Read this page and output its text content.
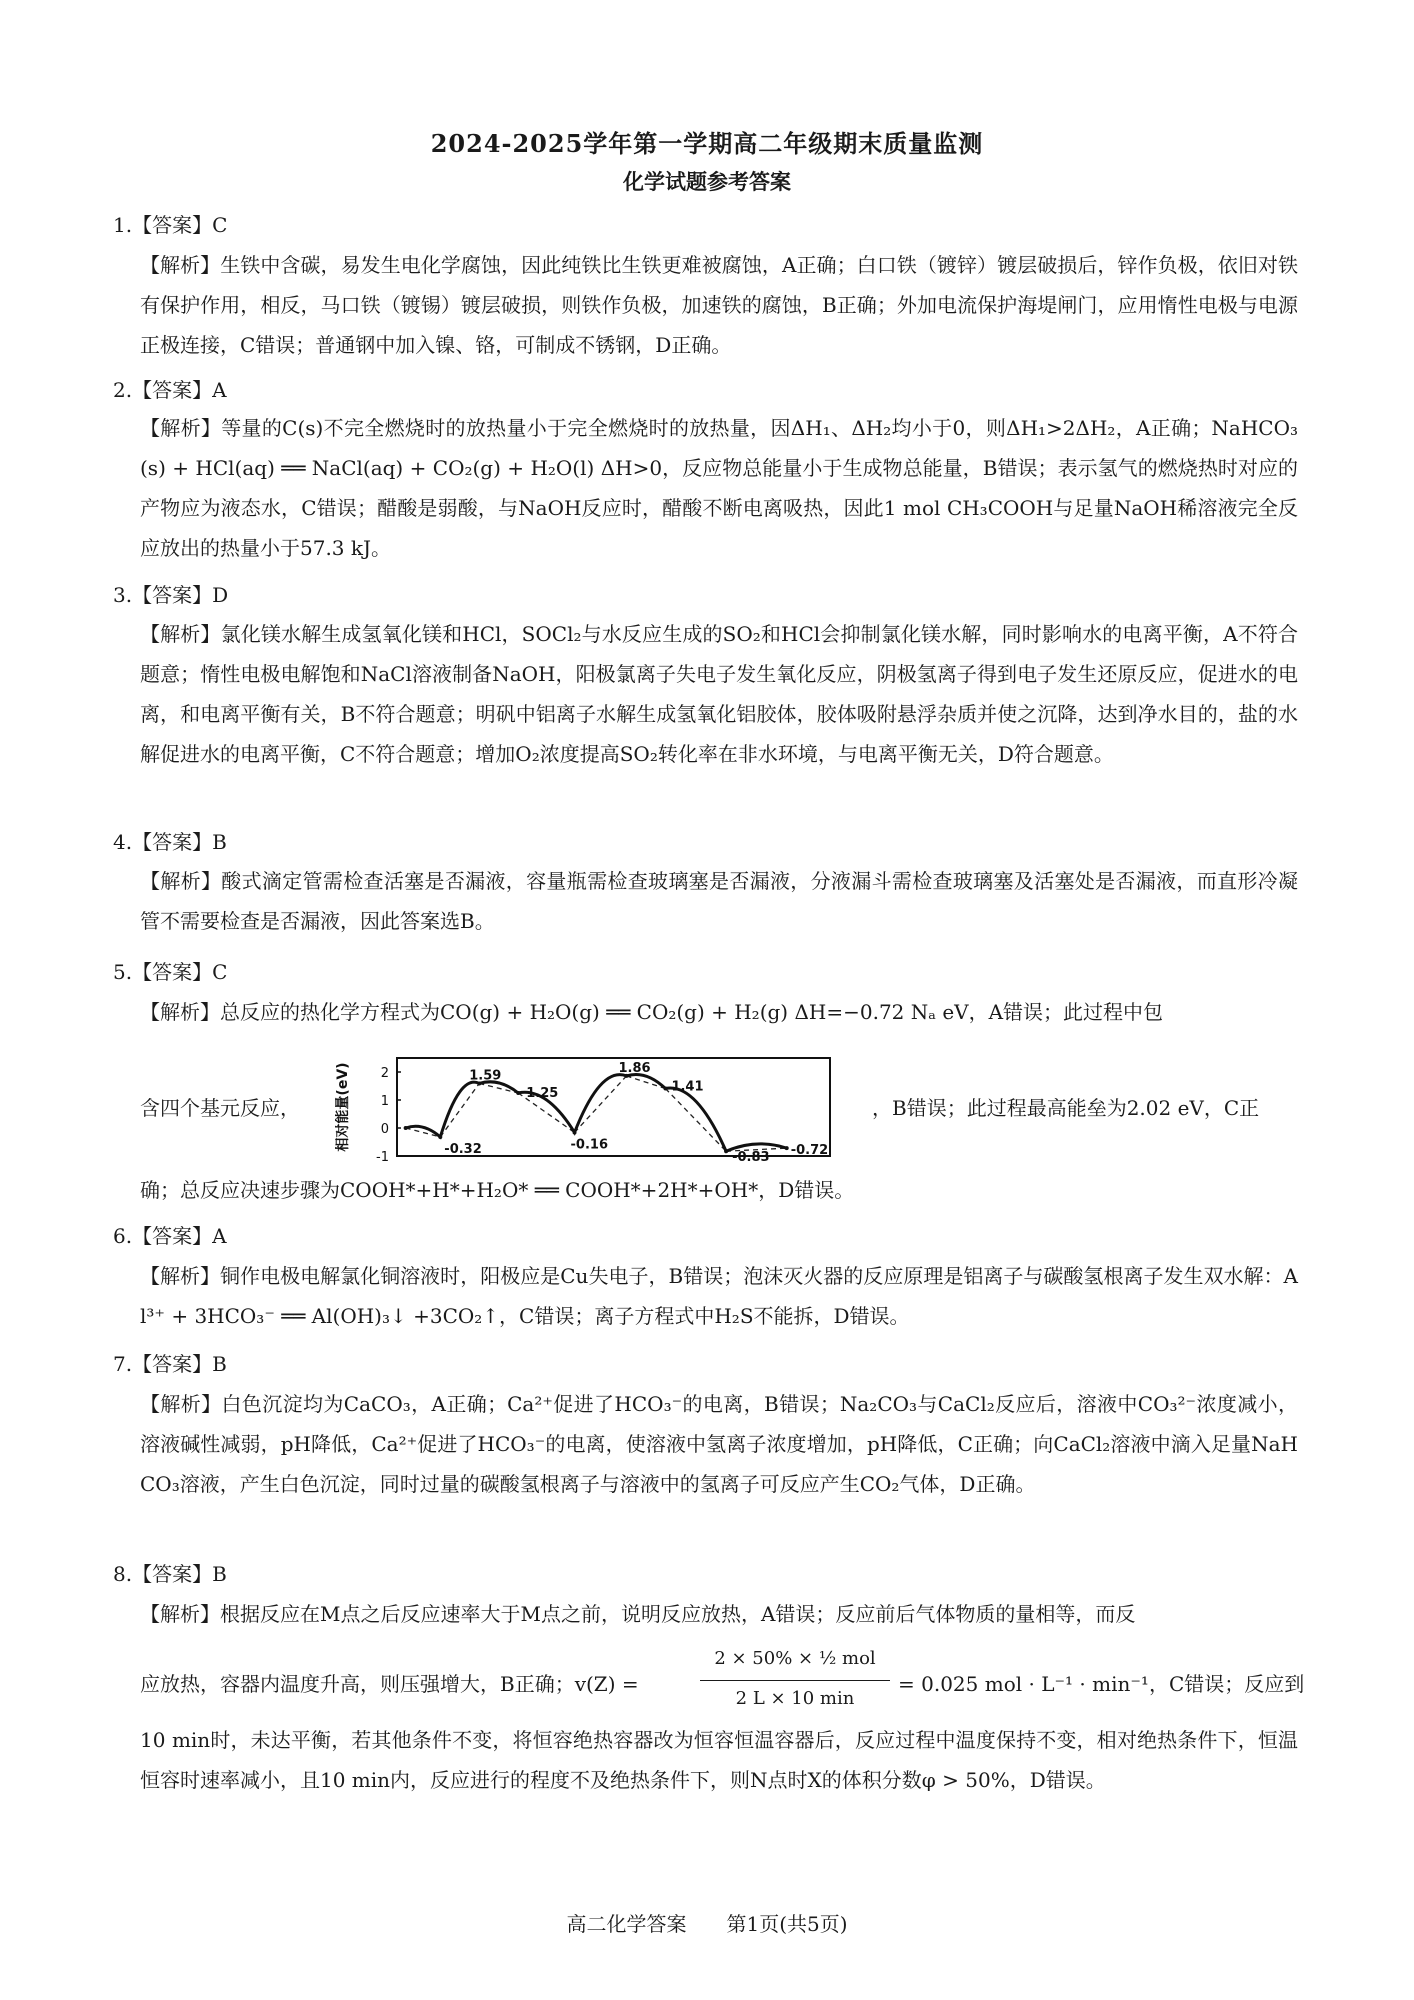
2024-2025学年第一学期高二年级期末质量监测
化学试题参考答案
1.【答案】C
【解析】生铁中含碳，易发生电化学腐蚀，因此纯铁比生铁更难被腐蚀，A正确；白口铁（镀锌）镀层破损后，锌作负极，依旧对铁有保护作用，相反，马口铁（镀锡）镀层破损，则铁作负极，加速铁的腐蚀，B正确；外加电流保护海堤闸门，应用惰性电极与电源正极连接，C错误；普通钢中加入镍、铬，可制成不锈钢，D正确。
2.【答案】A
【解析】等量的C(s)不完全燃烧时的放热量小于完全燃烧时的放热量，因ΔH₁、ΔH₂均小于0，则ΔH₁>2ΔH₂，A正确；NaHCO₃(s) + HCl(aq) ══ NaCl(aq) + CO₂(g) + H₂O(l) ΔH>0，反应物总能量小于生成物总能量，B错误；表示氢气的燃烧热时对应的产物应为液态水，C错误；醋酸是弱酸，与NaOH反应时，醋酸不断电离吸热，因此1 mol CH₃COOH与足量NaOH稀溶液完全反应放出的热量小于57.3 kJ。
3.【答案】D
【解析】氯化镁水解生成氢氧化镁和HCl，SOCl₂与水反应生成的SO₂和HCl会抑制氯化镁水解，同时影响水的电离平衡，A不符合题意；惰性电极电解饱和NaCl溶液制备NaOH，阳极氯离子失电子发生氧化反应，阴极氢离子得到电子发生还原反应，促进水的电离，和电离平衡有关，B不符合题意；明矾中铝离子水解生成氢氧化铝胶体，胶体吸附悬浮杂质并使之沉降，达到净水目的，盐的水解促进水的电离平衡，C不符合题意；增加O₂浓度提高SO₂转化率在非水环境，与电离平衡无关，D符合题意。
4.【答案】B
【解析】酸式滴定管需检查活塞是否漏液，容量瓶需检查玻璃塞是否漏液，分液漏斗需检查玻璃塞及活塞处是否漏液，而直形冷凝管不需要检查是否漏液，因此答案选B。
5.【答案】C
【解析】总反应的热化学方程式为CO(g) + H₂O(g) ══ CO₂(g) + H₂(g) ΔH=−0.72 Nₐ eV，A错误；此过程中包
含四个基元反应，	相对能量(eV) 2
1
0
-1
1.59
1.25
1.86
1.41
-0.32	-0.16
-0.83 -0.72
，B错误；此过程最高能垒为2.02 eV，C正
确；总反应决速步骤为COOH*+H*+H₂O* ══ COOH*+2H*+OH*，D错误。
6.【答案】A
【解析】铜作电极电解氯化铜溶液时，阳极应是Cu失电子，B错误；泡沫灭火器的反应原理是铝离子与碳酸氢根离子发生双水解：Al³⁺ + 3HCO₃⁻ ══ Al(OH)₃↓ +3CO₂↑，C错误；离子方程式中H₂S不能拆，D错误。
7.【答案】B
【解析】白色沉淀均为CaCO₃，A正确；Ca²⁺促进了HCO₃⁻的电离，B错误；Na₂CO₃与CaCl₂反应后，溶液中CO₃²⁻浓度减小，溶液碱性减弱，pH降低，Ca²⁺促进了HCO₃⁻的电离，使溶液中氢离子浓度增加，pH降低，C正确；向CaCl₂溶液中滴入足量NaHCO₃溶液，产生白色沉淀，同时过量的碳酸氢根离子与溶液中的氢离子可反应产生CO₂气体，D正确。
8.【答案】B
【解析】根据反应在M点之后反应速率大于M点之前，说明反应放热，A错误；反应前后气体物质的量相等，而反
应放热，容器内温度升高，则压强增大，B正确；v(Z) =
2 × 50% × ½ mol
2 L × 10 min
= 0.025 mol · L⁻¹ · min⁻¹，C错误；反应到
10 min时，未达平衡，若其他条件不变，将恒容绝热容器改为恒容恒温容器后，反应过程中温度保持不变，相对绝热条件下，恒温恒容时速率减小，且10 min内，反应进行的程度不及绝热条件下，则N点时X的体积分数φ > 50%，D错误。
高二化学答案　　第1页(共5页)
